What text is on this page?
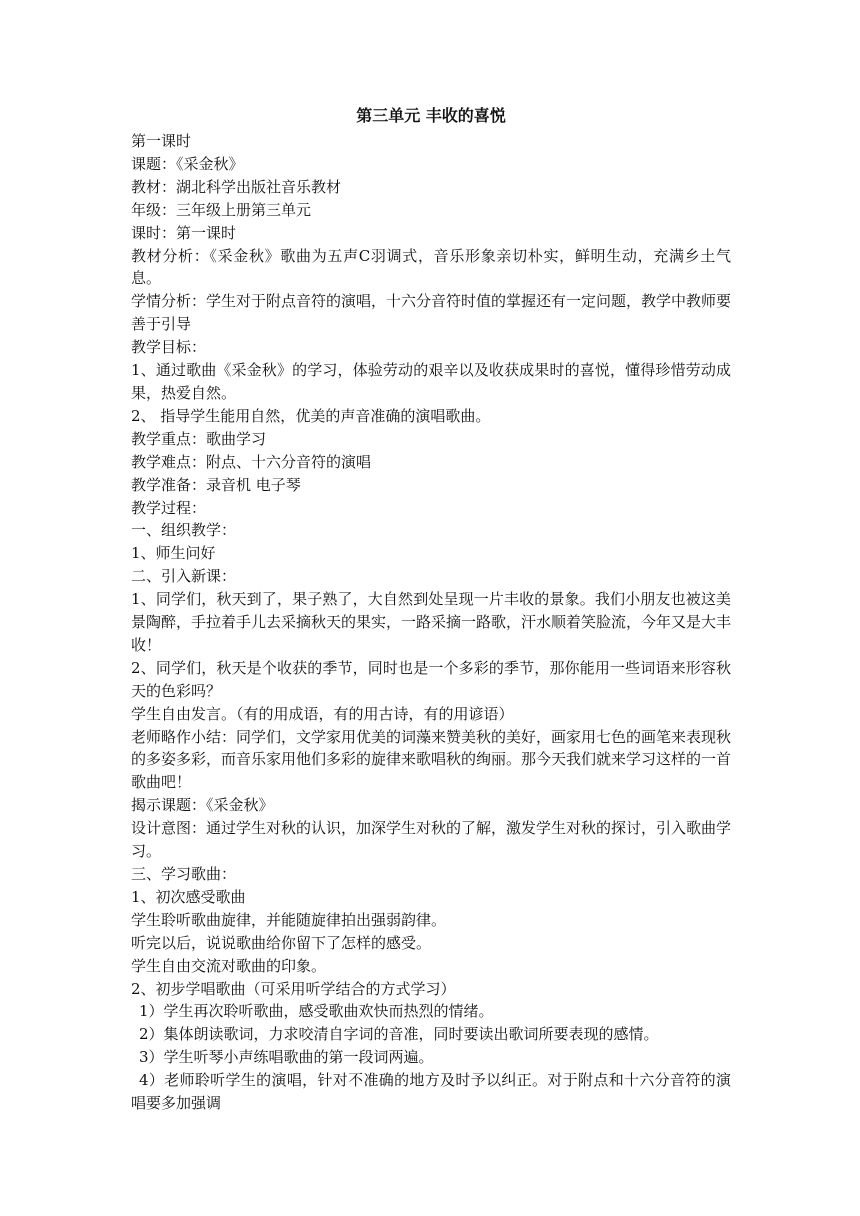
第三单元 丰收的喜悦

第一课时

课题：《采金秋》

教材：湖北科学出版社音乐教材

年级：三年级上册第三单元

课时：第一课时

教材分析：《采金秋》歌曲为五声C羽调式，音乐形象亲切朴实，鲜明生动，充满乡土气息。

学情分析：学生对于附点音符的演唱，十六分音符时值的掌握还有一定问题，教学中教师要善于引导

教学目标：

1、通过歌曲《采金秋》的学习，体验劳动的艰辛以及收获成果时的喜悦，懂得珍惜劳动成果，热爱自然。

2、 指导学生能用自然，优美的声音准确的演唱歌曲。

教学重点：歌曲学习

教学难点：附点、十六分音符的演唱

教学准备：录音机 电子琴

教学过程：

一、组织教学：

1、师生问好

二、引入新课：

1、同学们，秋天到了，果子熟了，大自然到处呈现一片丰收的景象。我们小朋友也被这美景陶醉，手拉着手儿去采摘秋天的果实，一路采摘一路歌，汗水顺着笑脸流，今年又是大丰收！

2、同学们，秋天是个收获的季节，同时也是一个多彩的季节，那你能用一些词语来形容秋天的色彩吗？

学生自由发言。（有的用成语，有的用古诗，有的用谚语）

老师略作小结：同学们，文学家用优美的词藻来赞美秋的美好，画家用七色的画笔来表现秋的多姿多彩，而音乐家用他们多彩的旋律来歌唱秋的绚丽。那今天我们就来学习这样的一首歌曲吧！

揭示课题：《采金秋》

设计意图：通过学生对秋的认识，加深学生对秋的了解，激发学生对秋的探讨，引入歌曲学习。

三、学习歌曲：

1、初次感受歌曲

学生聆听歌曲旋律，并能随旋律拍出强弱韵律。

听完以后，说说歌曲给你留下了怎样的感受。

学生自由交流对歌曲的印象。

2、初步学唱歌曲（可采用听学结合的方式学习）

1）学生再次聆听歌曲，感受歌曲欢快而热烈的情绪。

2）集体朗读歌词，力求咬清自字词的音准，同时要读出歌词所要表现的感情。

3）学生听琴小声练唱歌曲的第一段词两遍。

4）老师聆听学生的演唱，针对不准确的地方及时予以纠正。对于附点和十六分音符的演唱要多加强调
